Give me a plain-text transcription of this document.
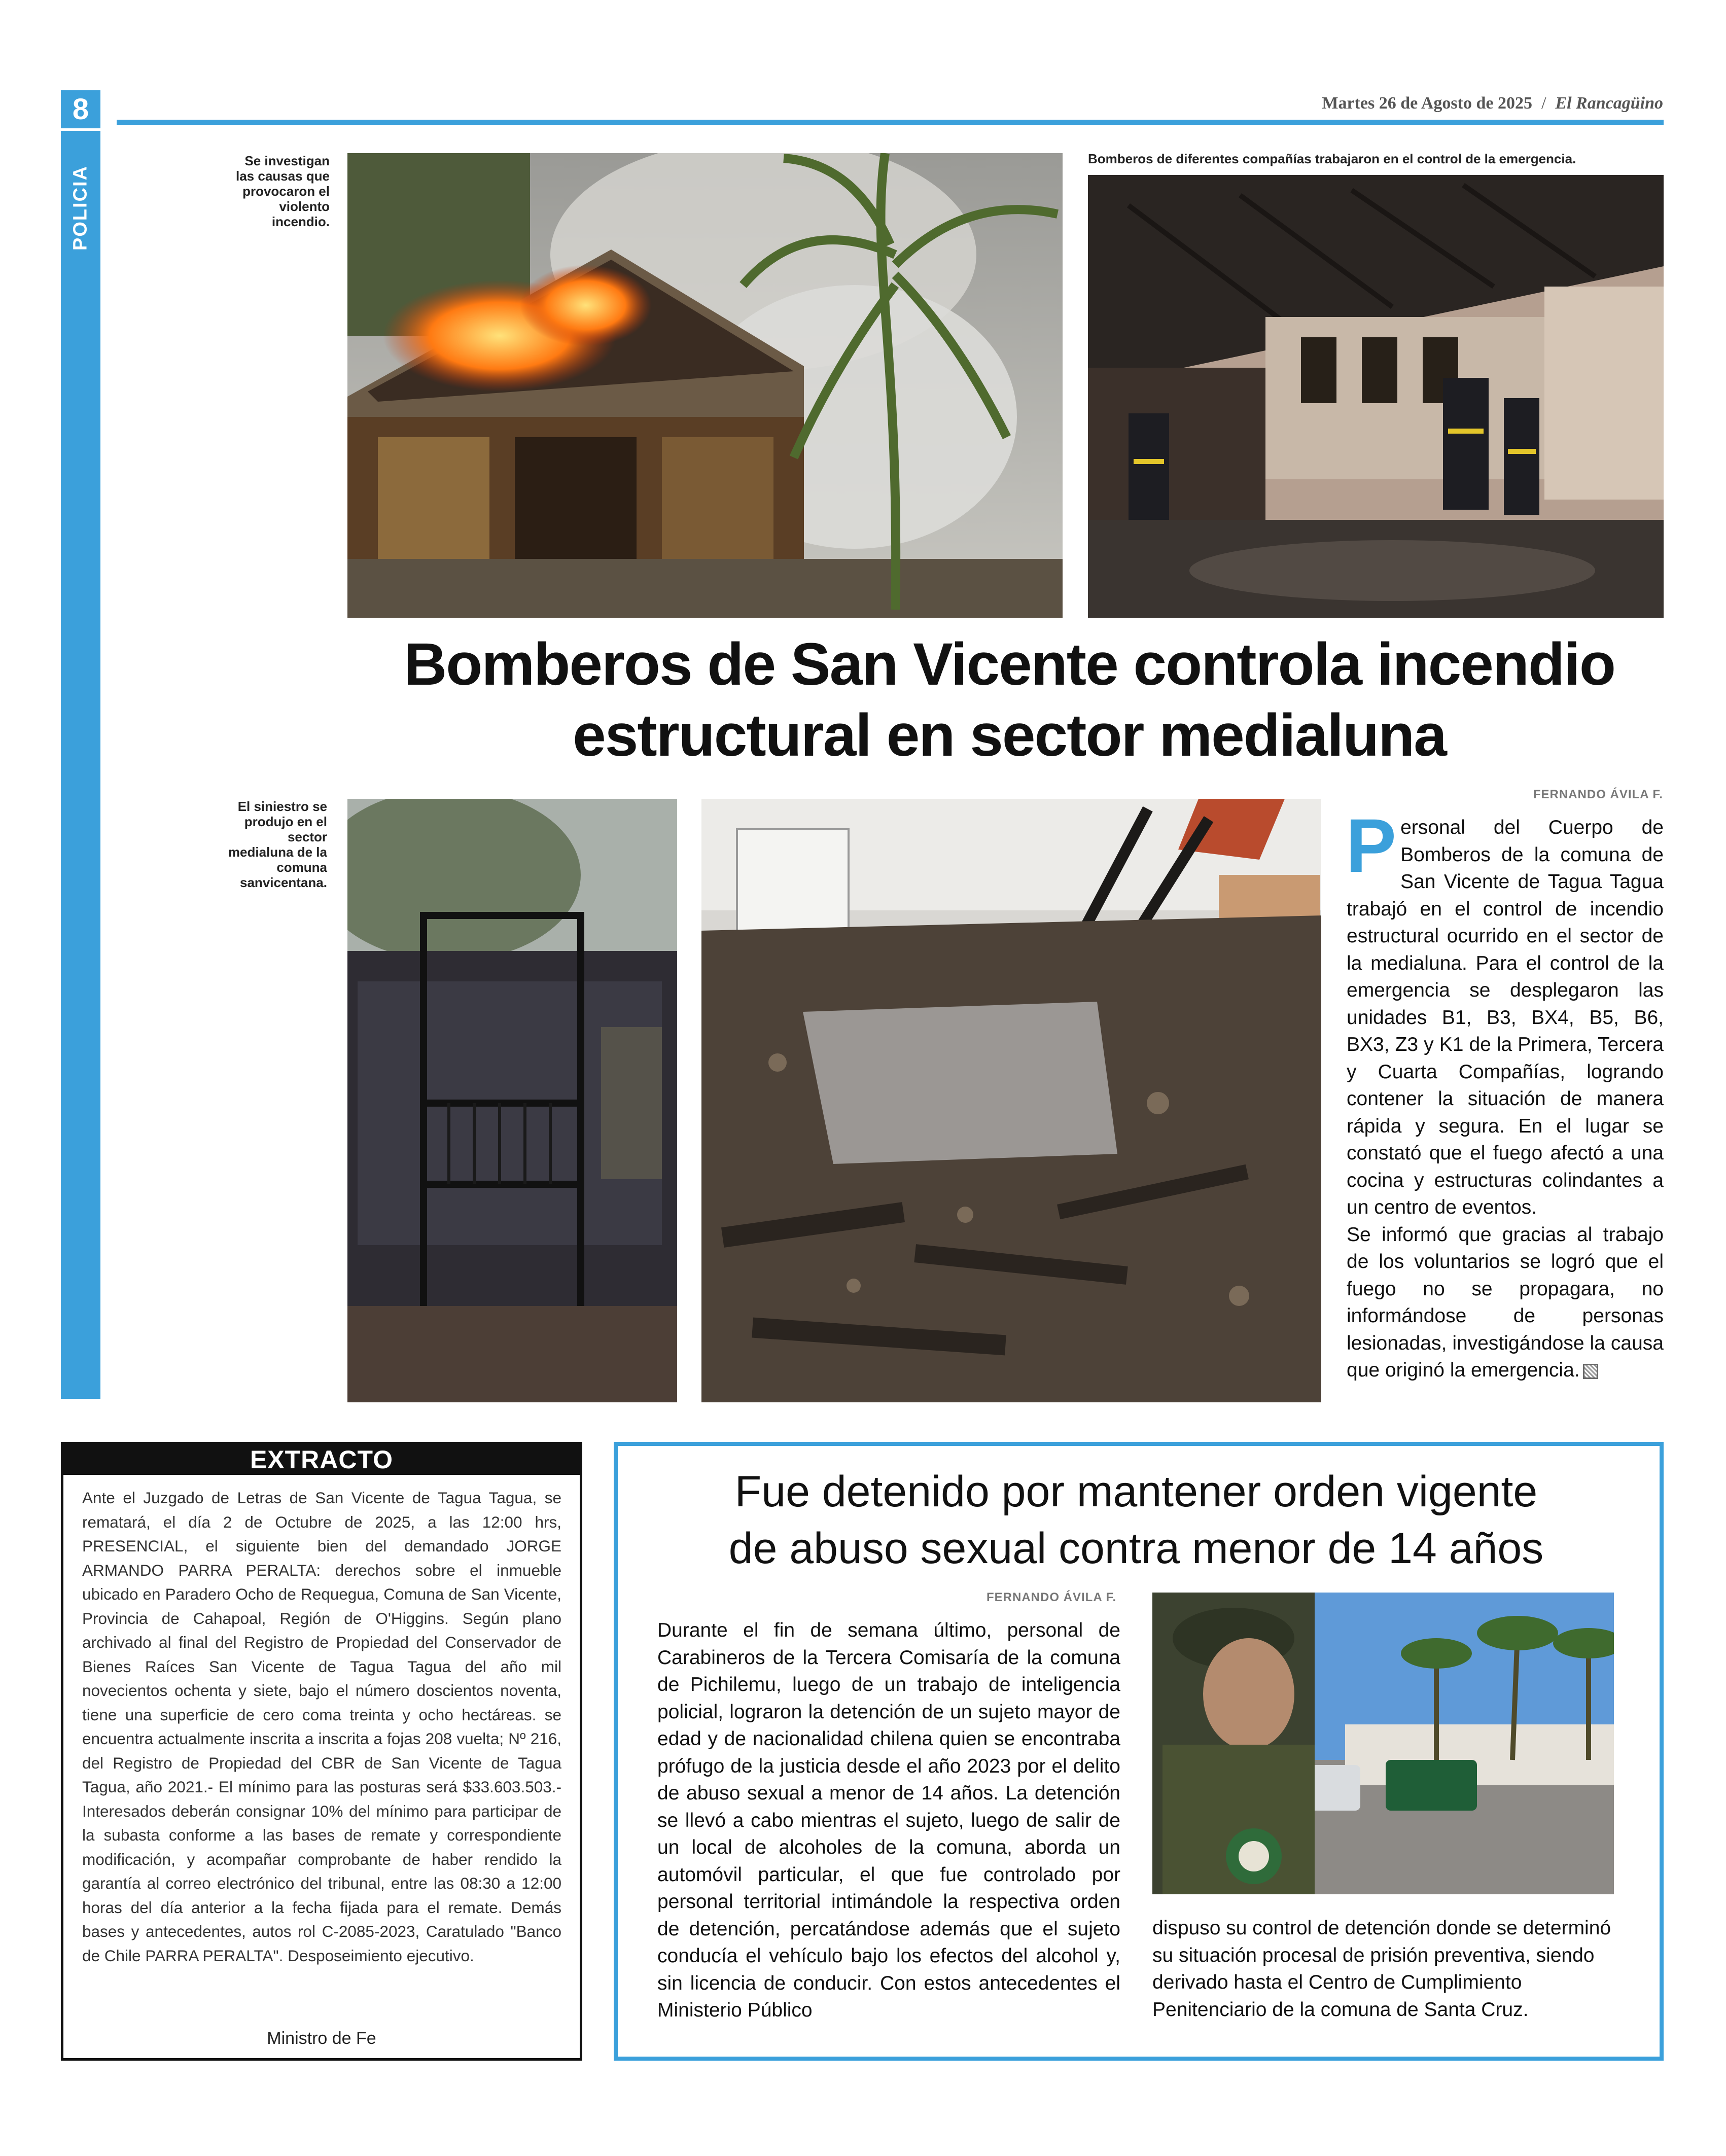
8
POLICIA
Martes 26 de Agosto de 2025 / El Rancagüino
Se investigan las causas que provocaron el violento incendio.
Bomberos de diferentes compañías trabajaron en el control de la emergencia.
Bomberos de San Vicente controla incendio
estructural en sector medialuna
El siniestro se produjo en el sector medialuna de la comuna sanvicentana.
FERNANDO ÁVILA F.
P ersonal del Cuerpo de Bomberos de la comuna de San Vicente de Tagua Tagua trabajó en el control de incendio estructural ocurrido en el sector de la medialuna. Para el control de la emergencia se desplegaron las unidades B1, B3, BX4, B5, B6, BX3, Z3 y K1 de la Primera, Tercera y Cuarta Compañías, logrando contener la situación de manera rápida y segura. En el lugar se constató que el fuego afectó a una cocina y estructuras colindantes a un centro de eventos.

Se informó que gracias al trabajo de los voluntarios se logró que el fuego no se propagara, no informándose de personas lesionadas, investigándose la causa que originó la emergencia.

EXTRACTO
Ante el Juzgado de Letras de San Vicente de Tagua Tagua, se rematará, el día 2 de Octubre de 2025, a las 12:00 hrs, PRESENCIAL, el siguiente bien del demandado JORGE ARMANDO PARRA PERALTA: derechos sobre el inmueble ubicado en Paradero Ocho de Requegua, Comuna de San Vicente, Provincia de Cahapoal, Región de O'Higgins. Según plano archivado al final del Registro de Propiedad del Conservador de Bienes Raíces San Vicente de Tagua Tagua del año mil novecientos ochenta y siete, bajo el número doscientos noventa, tiene una superficie de cero coma treinta y ocho hectáreas. se encuentra actualmente inscrita a inscrita a fojas 208 vuelta; Nº 216, del Registro de Propiedad del CBR de San Vicente de Tagua Tagua, año 2021.- El mínimo para las posturas será $33.603.503.- Interesados deberán consignar 10% del mínimo para participar de la subasta conforme a las bases de remate y correspondiente modificación, y acompañar comprobante de haber rendido la garantía al correo electrónico del tribunal, entre las 08:30 a 12:00 horas del día anterior a la fecha fijada para el remate. Demás bases y antecedentes, autos rol C-2085-2023, Caratulado "Banco de Chile PARRA PERALTA". Desposeimiento ejecutivo.
Ministro de Fe
Fue detenido por mantener orden vigente
de abuso sexual contra menor de 14 años
FERNANDO ÁVILA F.
Durante el fin de semana último, personal de Carabineros de la Tercera Comisaría de la comuna de Pichilemu, luego de un trabajo de inteligencia policial, lograron la detención de un sujeto mayor de edad y de nacionalidad chilena quien se encontraba prófugo de la justicia desde el año 2023 por el delito de abuso sexual a menor de 14 años. La detención se llevó a cabo mientras el sujeto, luego de salir de un local de alcoholes de la comuna, aborda un automóvil particular, el que fue controlado por personal territorial intimándole la respectiva orden de detención, percatándose además que el sujeto conducía el vehículo bajo los efectos del alcohol y, sin licencia de conducir. Con estos antecedentes el Ministerio Público
dispuso su control de detención donde se determinó su situación procesal de prisión preventiva, siendo derivado hasta el Centro de Cumplimiento Penitenciario de la comuna de Santa Cruz.
